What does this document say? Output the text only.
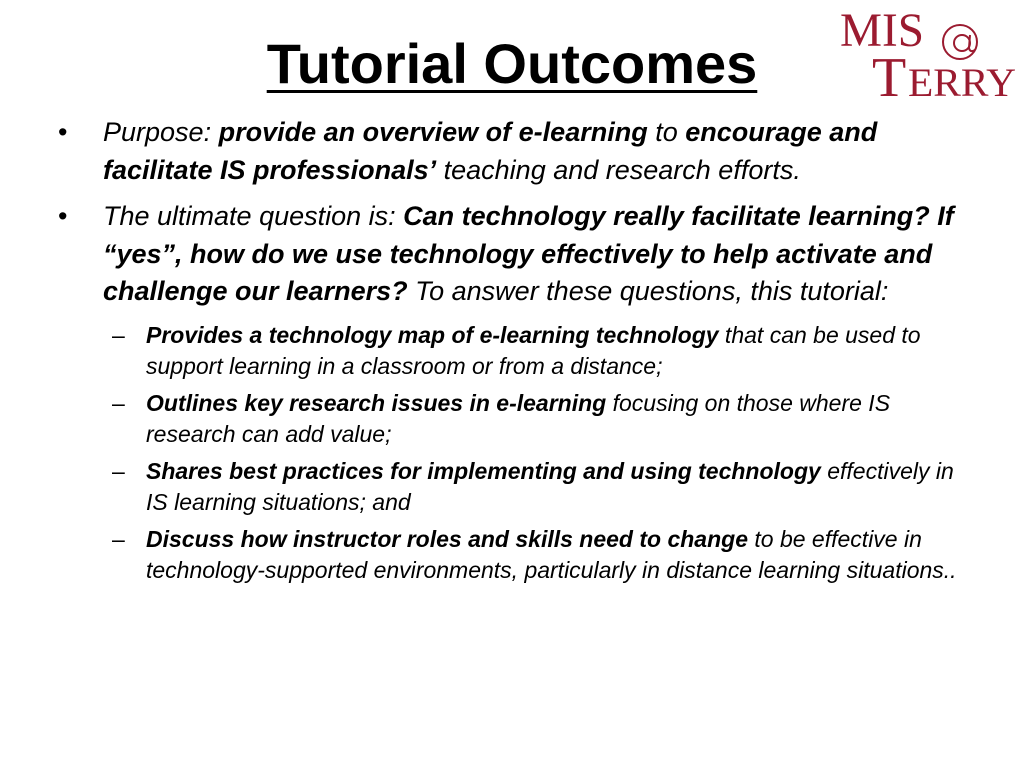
Tutorial Outcomes
MIS
T ERRY
• Purpose: provide an overview of e-learning to encourage and facilitate IS professionals’ teaching and research efforts.
• The ultimate question is: Can technology really facilitate learning? If “yes”, how do we use technology effectively to help activate and challenge our learners? To answer these questions, this tutorial:
– Provides a technology map of e-learning technology that can be used to support learning in a classroom or from a distance;
– Outlines key research issues in e-learning focusing on those where IS research can add value;
– Shares best practices for implementing and using technology effectively in IS learning situations; and
– Discuss how instructor roles and skills need to change to be effective in technology-supported environments, particularly in distance learning situations..
